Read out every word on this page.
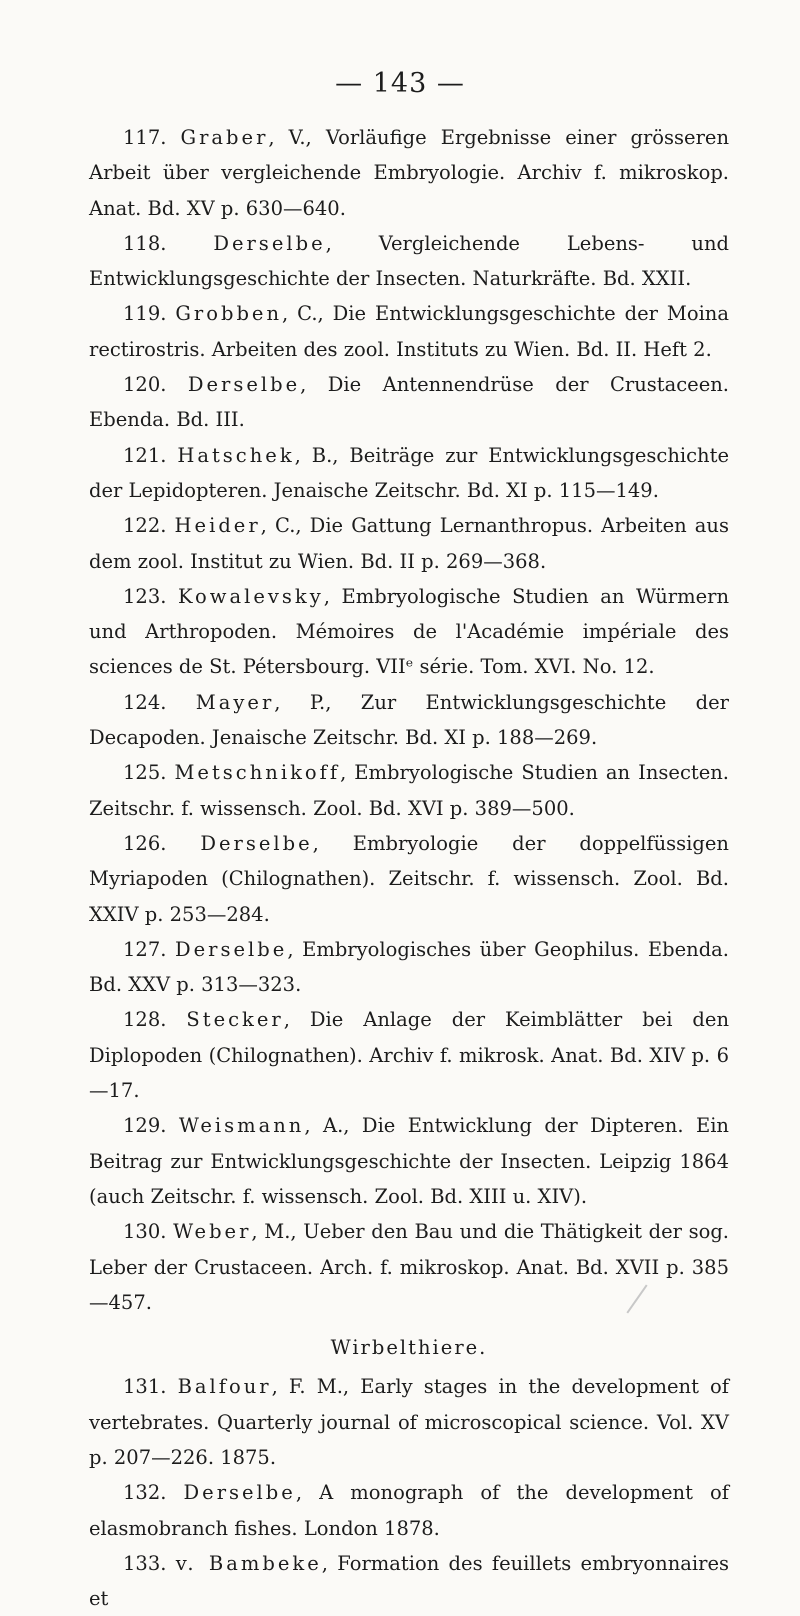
— 143 —

117. Graber, V., Vorläufige Ergebnisse einer grösseren Arbeit über vergleichende Embryologie. Archiv f. mikroskop. Anat. Bd. XV p. 630—640.

118. Derselbe, Vergleichende Lebens- und Entwicklungsgeschichte der Insecten. Naturkräfte. Bd. XXII.

119. Grobben, C., Die Entwicklungsgeschichte der Moina rectirostris. Arbeiten des zool. Instituts zu Wien. Bd. II. Heft 2.

120. Derselbe, Die Antennendrüse der Crustaceen. Ebenda. Bd. III.

121. Hatschek, B., Beiträge zur Entwicklungsgeschichte der Lepidopteren. Jenaische Zeitschr. Bd. XI p. 115—149.

122. Heider, C., Die Gattung Lernanthropus. Arbeiten aus dem zool. Institut zu Wien. Bd. II p. 269—368.

123. Kowalevsky, Embryologische Studien an Würmern und Arthropoden. Mémoires de l'Académie impériale des sciences de St. Pétersbourg. VIIᵉ série. Tom. XVI. No. 12.

124. Mayer, P., Zur Entwicklungsgeschichte der Decapoden. Jenaische Zeitschr. Bd. XI p. 188—269.

125. Metschnikoff, Embryologische Studien an Insecten. Zeitschr. f. wissensch. Zool. Bd. XVI p. 389—500.

126. Derselbe, Embryologie der doppelfüssigen Myriapoden (Chilognathen). Zeitschr. f. wissensch. Zool. Bd. XXIV p. 253—284.

127. Derselbe, Embryologisches über Geophilus. Ebenda. Bd. XXV p. 313—323.

128. Stecker, Die Anlage der Keimblätter bei den Diplopoden (Chilognathen). Archiv f. mikrosk. Anat. Bd. XIV p. 6—17.

129. Weismann, A., Die Entwicklung der Dipteren. Ein Beitrag zur Entwicklungsgeschichte der Insecten. Leipzig 1864 (auch Zeitschr. f. wissensch. Zool. Bd. XIII u. XIV).

130. Weber, M., Ueber den Bau und die Thätigkeit der sog. Leber der Crustaceen. Arch. f. mikroskop. Anat. Bd. XVII p. 385—457.

Wirbelthiere.

131. Balfour, F. M., Early stages in the development of vertebrates. Quarterly journal of microscopical science. Vol. XV p. 207—226. 1875.

132. Derselbe, A monograph of the development of elasmobranch fishes. London 1878.

133. v. Bambeke, Formation des feuillets embryonnaires et
